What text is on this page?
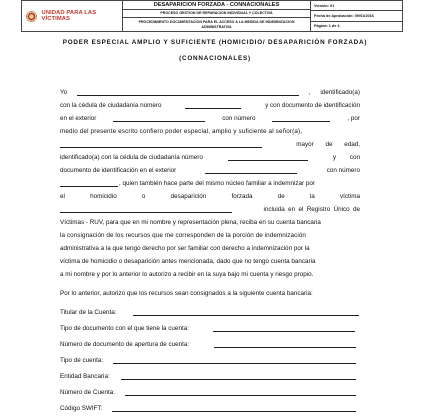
UNIDAD PARA LAS VÍCTIMAS
DESAPARICION FORZADA - CONNACIONALES
PROCESO GESTION DE REPARACION INDIVIDUAL Y COLECTIVA
PROCEDIMIENTO DOCUMENTACION PARA EL ACCESO A LA MEDIDA DE INDEMNIZACION ADMINISTRATIVA
Versión: 01
Fecha de Aprobación: 09/01/2016
Página: 1 de 4
PODER ESPECIAL AMPLIO Y SUFICIENTE (HOMICIDIO/ DESAPARICIÓN FORZADA)
(CONNACIONALES)
Yo	, identificado(a)
con la cédula de ciudadanía número	y con documento de identificación
en el exterior	con número	, por
medio del presente escrito confiero poder especial, amplio y suficiente al señor(a),
mayor de edad,
identificado(a) con la cédula de ciudadanía número	y con
documento de identificación en el exterior	con número
, quien también hace parte del mismo núcleo familiar a indemnizar por
el	homicidio	o	desaparición	forzada	de	la	víctima
incluida en el Registro Único de
Víctimas - RUV, para que en mi nombre y representación plena, reciba en su cuenta bancaria
la consignación de los recursos que me corresponden de la porción de indemnización
administrativa a la que tengo derecho por ser familiar con derecho a indemnización por la
víctima de homicidio o desaparición antes mencionada, dado que no tengo cuenta bancaria
a mi nombre y por lo anterior lo autorizo a recibir en la suya bajo mi cuenta y riesgo propio.
Por lo anterior, autorizo que los recursos sean consignados a la siguiente cuenta bancaria:
Titular de la Cuenta:
Tipo de documento con el que tiene la cuenta:
Número de documento de apertura de cuenta:
Tipo de cuenta:
Entidad Bancaria:
Número de Cuenta:
Código SWIFT:
